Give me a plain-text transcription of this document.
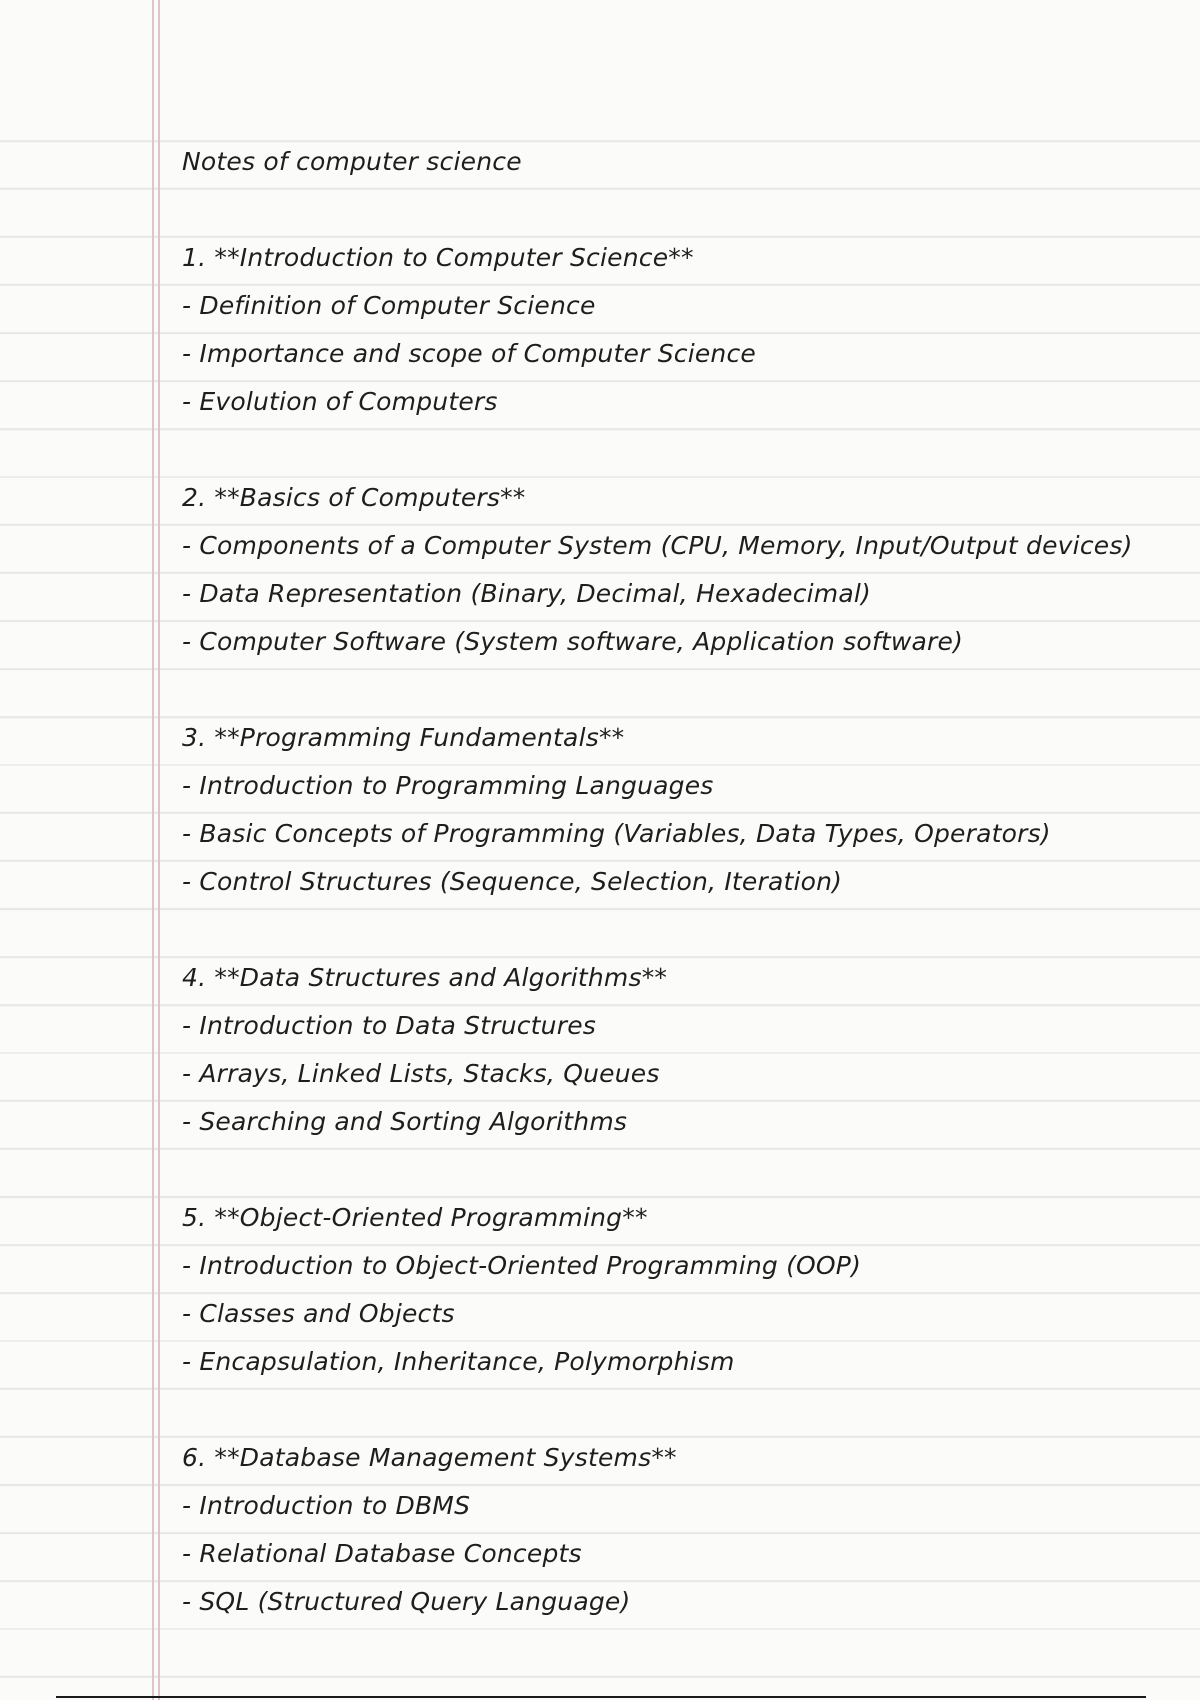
Notes of computer science
1. **Introduction to Computer Science**
- Definition of Computer Science
- Importance and scope of Computer Science
- Evolution of Computers
2. **Basics of Computers**
- Components of a Computer System (CPU, Memory, Input/Output devices)
- Data Representation (Binary, Decimal, Hexadecimal)
- Computer Software (System software, Application software)
3. **Programming Fundamentals**
- Introduction to Programming Languages
- Basic Concepts of Programming (Variables, Data Types, Operators)
- Control Structures (Sequence, Selection, Iteration)
4. **Data Structures and Algorithms**
- Introduction to Data Structures
- Arrays, Linked Lists, Stacks, Queues
- Searching and Sorting Algorithms
5. **Object-Oriented Programming**
- Introduction to Object-Oriented Programming (OOP)
- Classes and Objects
- Encapsulation, Inheritance, Polymorphism
6. **Database Management Systems**
- Introduction to DBMS
- Relational Database Concepts
- SQL (Structured Query Language)
